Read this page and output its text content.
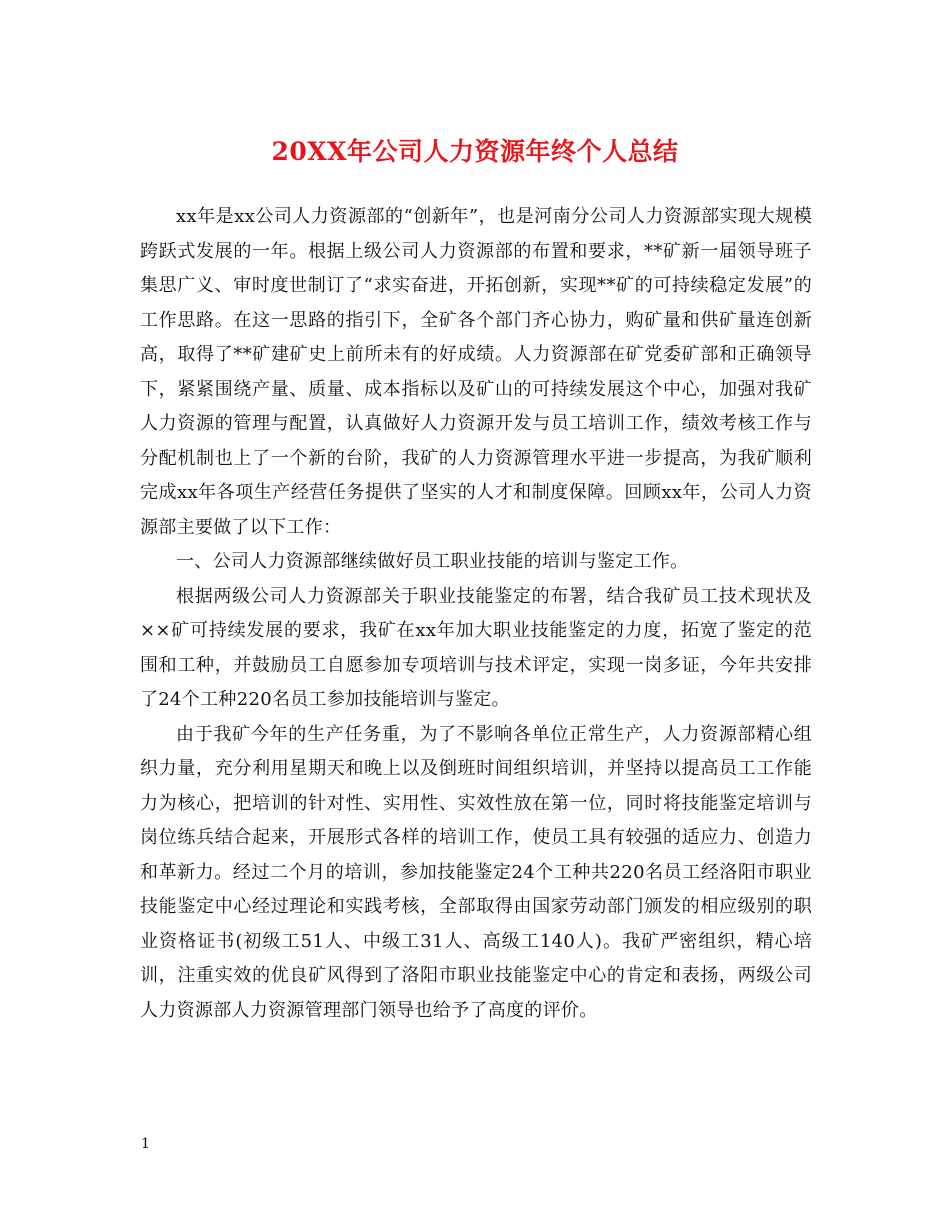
20XX年公司人力资源年终个人总结

xx年是xx公司人力资源部的“创新年”，也是河南分公司人力资源部实现大规模跨跃式发展的一年。根据上级公司人力资源部的布置和要求，**矿新一届领导班子集思广义、审时度世制订了“求实奋进，开拓创新，实现**矿的可持续稳定发展”的工作思路。在这一思路的指引下，全矿各个部门齐心协力，购矿量和供矿量连创新高，取得了**矿建矿史上前所未有的好成绩。人力资源部在矿党委矿部和正确领导下，紧紧围绕产量、质量、成本指标以及矿山的可持续发展这个中心，加强对我矿人力资源的管理与配置，认真做好人力资源开发与员工培训工作，绩效考核工作与分配机制也上了一个新的台阶，我矿的人力资源管理水平进一步提高，为我矿顺利完成xx年各项生产经营任务提供了坚实的人才和制度保障。回顾xx年，公司人力资源部主要做了以下工作：

一、公司人力资源部继续做好员工职业技能的培训与鉴定工作。

根据两级公司人力资源部关于职业技能鉴定的布署，结合我矿员工技术现状及××矿可持续发展的要求，我矿在xx年加大职业技能鉴定的力度，拓宽了鉴定的范围和工种，并鼓励员工自愿参加专项培训与技术评定，实现一岗多证，今年共安排了24个工种220名员工参加技能培训与鉴定。

由于我矿今年的生产任务重，为了不影响各单位正常生产，人力资源部精心组织力量，充分利用星期天和晚上以及倒班时间组织培训，并坚持以提高员工工作能力为核心，把培训的针对性、实用性、实效性放在第一位，同时将技能鉴定培训与岗位练兵结合起来，开展形式各样的培训工作，使员工具有较强的适应力、创造力和革新力。经过二个月的培训，参加技能鉴定24个工种共220名员工经洛阳市职业技能鉴定中心经过理论和实践考核，全部取得由国家劳动部门颁发的相应级别的职业资格证书(初级工51人、中级工31人、高级工140人)。我矿严密组织，精心培训，注重实效的优良矿风得到了洛阳市职业技能鉴定中心的肯定和表扬，两级公司人力资源部人力资源管理部门领导也给予了高度的评价。

1
